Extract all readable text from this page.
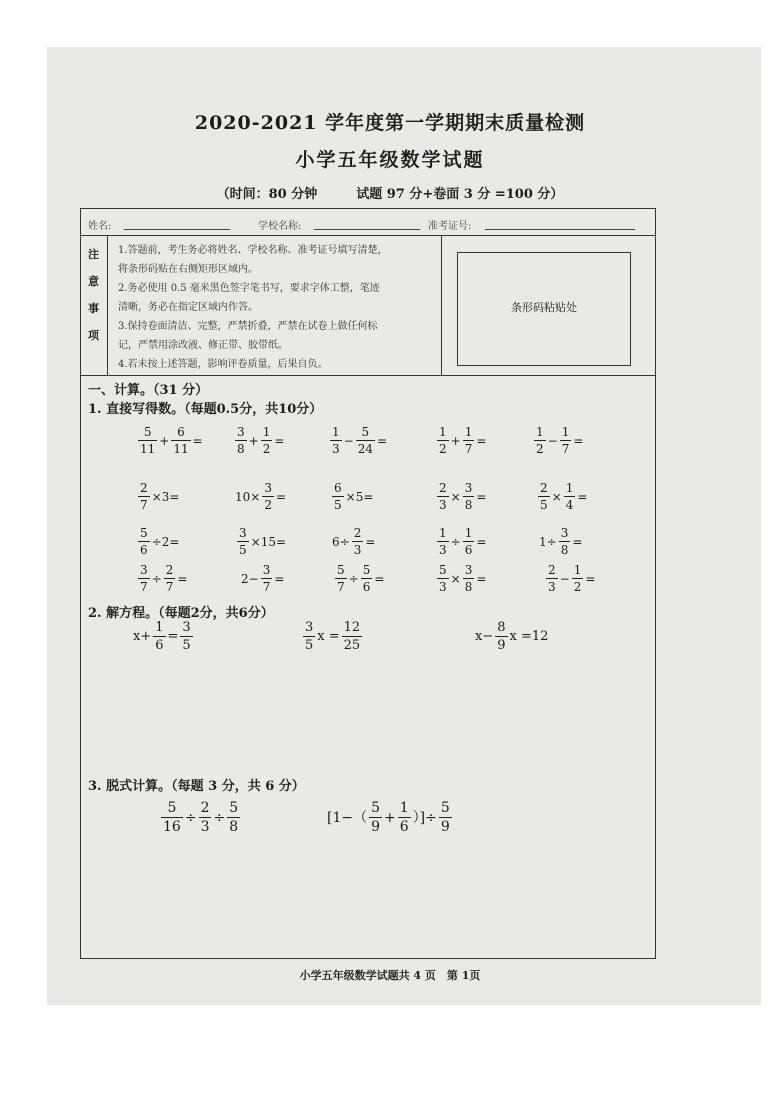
2020-2021 学年度第一学期期末质量检测
小学五年级数学试题
（时间：80 分钟　　　试题 97 分+卷面 3 分 =100 分）
姓名:	学校名称:	准考证号:
注
意
事
项
1.答题前，考生务必将姓名、学校名称、准考证号填写清楚，
将条形码贴在右侧矩形区域内。
2.务必使用 0.5 毫米黑色签字笔书写，要求字体工整，笔迹
清晰，务必在指定区域内作答。
3.保持卷面清洁、完整，严禁折叠，严禁在试卷上做任何标
记，严禁用涂改液、修正带、胶带纸。
4.若未按上述答题，影响评卷质量，后果自负。
条形码粘贴处
一、计算。（31 分）
1. 直接写得数。（每题0.5分，共10分）
$\frac{5}{11} + \frac{6}{11}$ =	$\frac{3}{8} + \frac{1}{2}$ =	$\frac{1}{3} - \frac{5}{24}$ =	$\frac{1}{2} + \frac{1}{7}$ =	$\frac{1}{2} - \frac{1}{7}$ =
$\frac{2}{7} \times 3=$	$10\times \frac{3}{2}$ =	$\frac{6}{5} \times 5=$	$\frac{2}{3} \times \frac{3}{8}$ =	$\frac{2}{5} \times \frac{1}{4}$ =
$\frac{5}{6} \div 2=$	$\frac{3}{5} \times 15=$	$6\div \frac{2}{3}$ =	$\frac{1}{3} \div \frac{1}{6}$ =	$1\div \frac{3}{8}$ =
$\frac{3}{7} \div \frac{2}{7}$ =	$2- \frac{3}{7}$ =	$\frac{5}{7} \div \frac{5}{6}$ =	$\frac{5}{3} \times \frac{3}{8}$ =	$\frac{2}{3} - \frac{1}{2}$ =
2. 解方程。（每题2分，共6分）
$x+ \frac{1}{6} = \frac{3}{5}$	$\frac{3}{5}$ $x = \frac{12}{25}$	$x- \frac{8}{9}$ x =12
3. 脱式计算。（每题 3 分，共 6 分）
$\frac{5}{16} \div \frac{2}{3} \div \frac{5}{8}$	[$1-( \frac{5}{9} + \frac{1}{6}$ ）]÷ $\frac{5}{9}$
小学五年级数学试题共 4 页　第 1页
